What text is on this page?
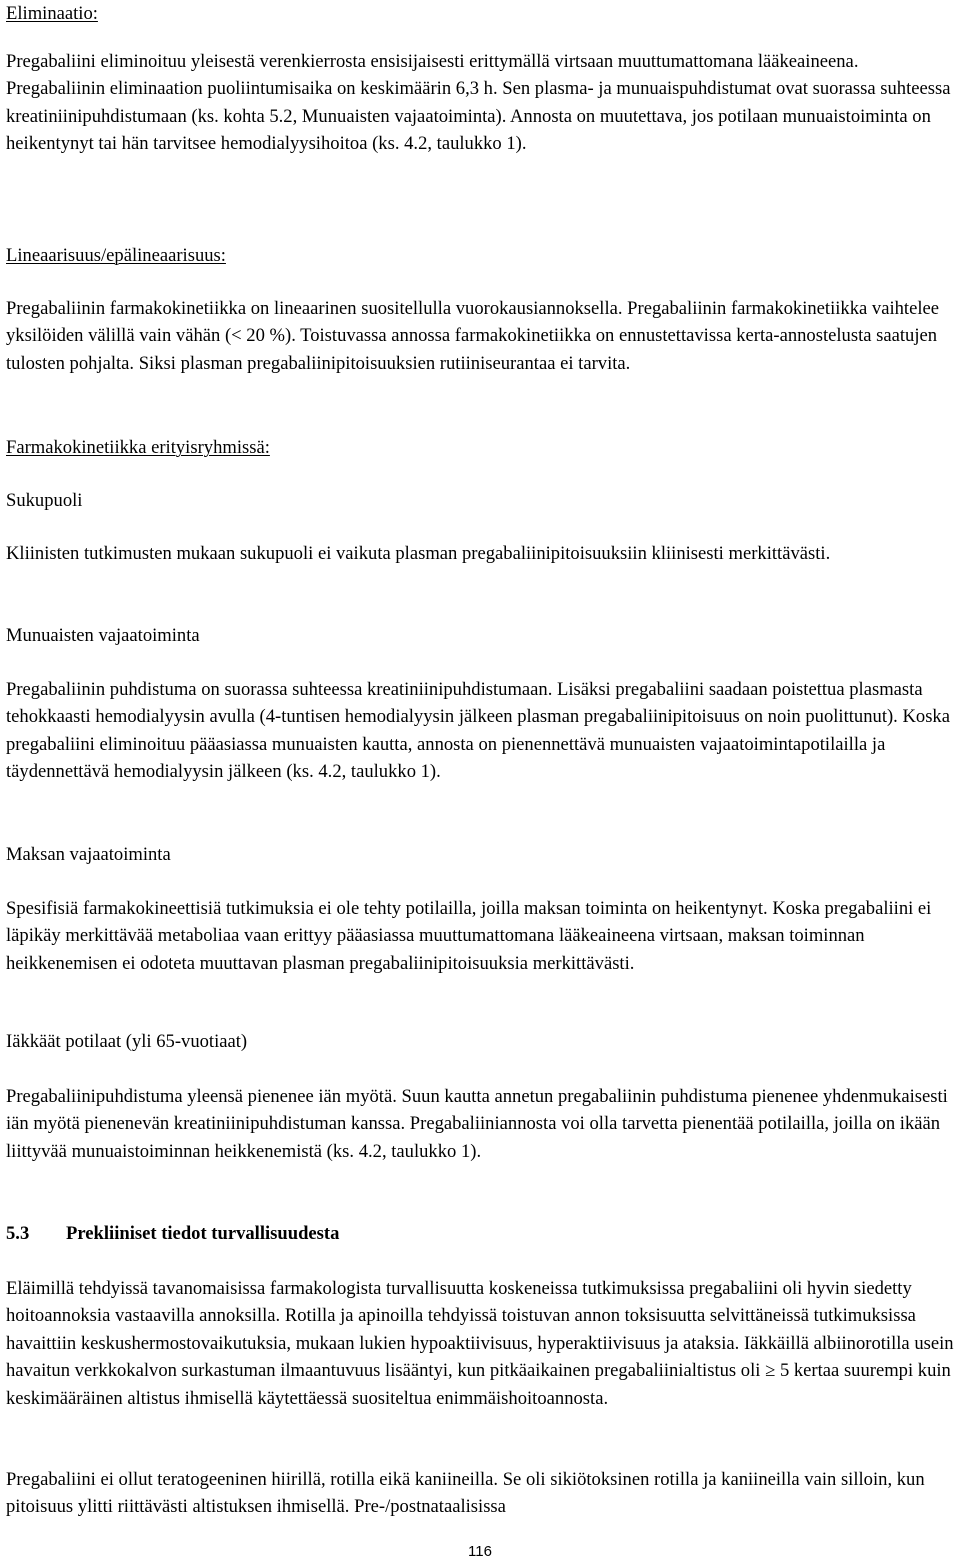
Eliminaatio:

Pregabaliini eliminoituu yleisestä verenkierrosta ensisijaisesti erittymällä virtsaan muuttumattomana lääkeaineena. Pregabaliinin eliminaation puoliintumisaika on keskimäärin 6,3 h. Sen plasma- ja munuaispuhdistumat ovat suorassa suhteessa kreatiniinipuhdistumaan (ks. kohta 5.2, Munuaisten vajaatoiminta). Annosta on muutettava, jos potilaan munuaistoiminta on heikentynyt tai hän tarvitsee hemodialyysihoitoa (ks. 4.2, taulukko 1).

Lineaarisuus/epälineaarisuus:

Pregabaliinin farmakokinetiikka on lineaarinen suositellulla vuorokausiannoksella. Pregabaliinin farmakokinetiikka vaihtelee yksilöiden välillä vain vähän (< 20 %). Toistuvassa annossa farmakokinetiikka on ennustettavissa kerta-annostelusta saatujen tulosten pohjalta. Siksi plasman pregabaliinipitoisuuksien rutiiniseurantaa ei tarvita.

Farmakokinetiikka erityisryhmissä:

Sukupuoli

Kliinisten tutkimusten mukaan sukupuoli ei vaikuta plasman pregabaliinipitoisuuksiin kliinisesti merkittävästi.

Munuaisten vajaatoiminta

Pregabaliinin puhdistuma on suorassa suhteessa kreatiniinipuhdistumaan. Lisäksi pregabaliini saadaan poistettua plasmasta tehokkaasti hemodialyysin avulla (4-tuntisen hemodialyysin jälkeen plasman pregabaliinipitoisuus on noin puolittunut). Koska pregabaliini eliminoituu pääasiassa munuaisten kautta, annosta on pienennettävä munuaisten vajaatoimintapotilailla ja täydennettävä hemodialyysin jälkeen (ks. 4.2, taulukko 1).

Maksan vajaatoiminta

Spesifisiä farmakokineettisiä tutkimuksia ei ole tehty potilailla, joilla maksan toiminta on heikentynyt. Koska pregabaliini ei läpikäy merkittävää metaboliaa vaan erittyy pääasiassa muuttumattomana lääkeaineena virtsaan, maksan toiminnan heikkenemisen ei odoteta muuttavan plasman pregabaliinipitoisuuksia merkittävästi.

Iäkkäät potilaat (yli 65-vuotiaat)

Pregabaliinipuhdistuma yleensä pienenee iän myötä. Suun kautta annetun pregabaliinin puhdistuma pienenee yhdenmukaisesti iän myötä pienenevän kreatiniinipuhdistuman kanssa. Pregabaliiniannosta voi olla tarvetta pienentää potilailla, joilla on ikään liittyvää munuaistoiminnan heikkenemistä (ks. 4.2, taulukko 1).

5.3 Prekliiniset tiedot turvallisuudesta

Eläimillä tehdyissä tavanomaisissa farmakologista turvallisuutta koskeneissa tutkimuksissa pregabaliini oli hyvin siedetty hoitoannoksia vastaavilla annoksilla. Rotilla ja apinoilla tehdyissä toistuvan annon toksisuutta selvittäneissä tutkimuksissa havaittiin keskushermostovaikutuksia, mukaan lukien hypoaktiivisuus, hyperaktiivisuus ja ataksia. Iäkkäillä albiinorotilla usein havaitun verkkokalvon surkastuman ilmaantuvuus lisääntyi, kun pitkäaikainen pregabaliinialtistus oli ≥ 5 kertaa suurempi kuin keskimääräinen altistus ihmisellä käytettäessä suositeltua enimmäishoitoannosta.

Pregabaliini ei ollut teratogeeninen hiirillä, rotilla eikä kaniineilla. Se oli sikiötoksinen rotilla ja kaniineilla vain silloin, kun pitoisuus ylitti riittävästi altistuksen ihmisellä. Pre-/postnataalisissa

116
